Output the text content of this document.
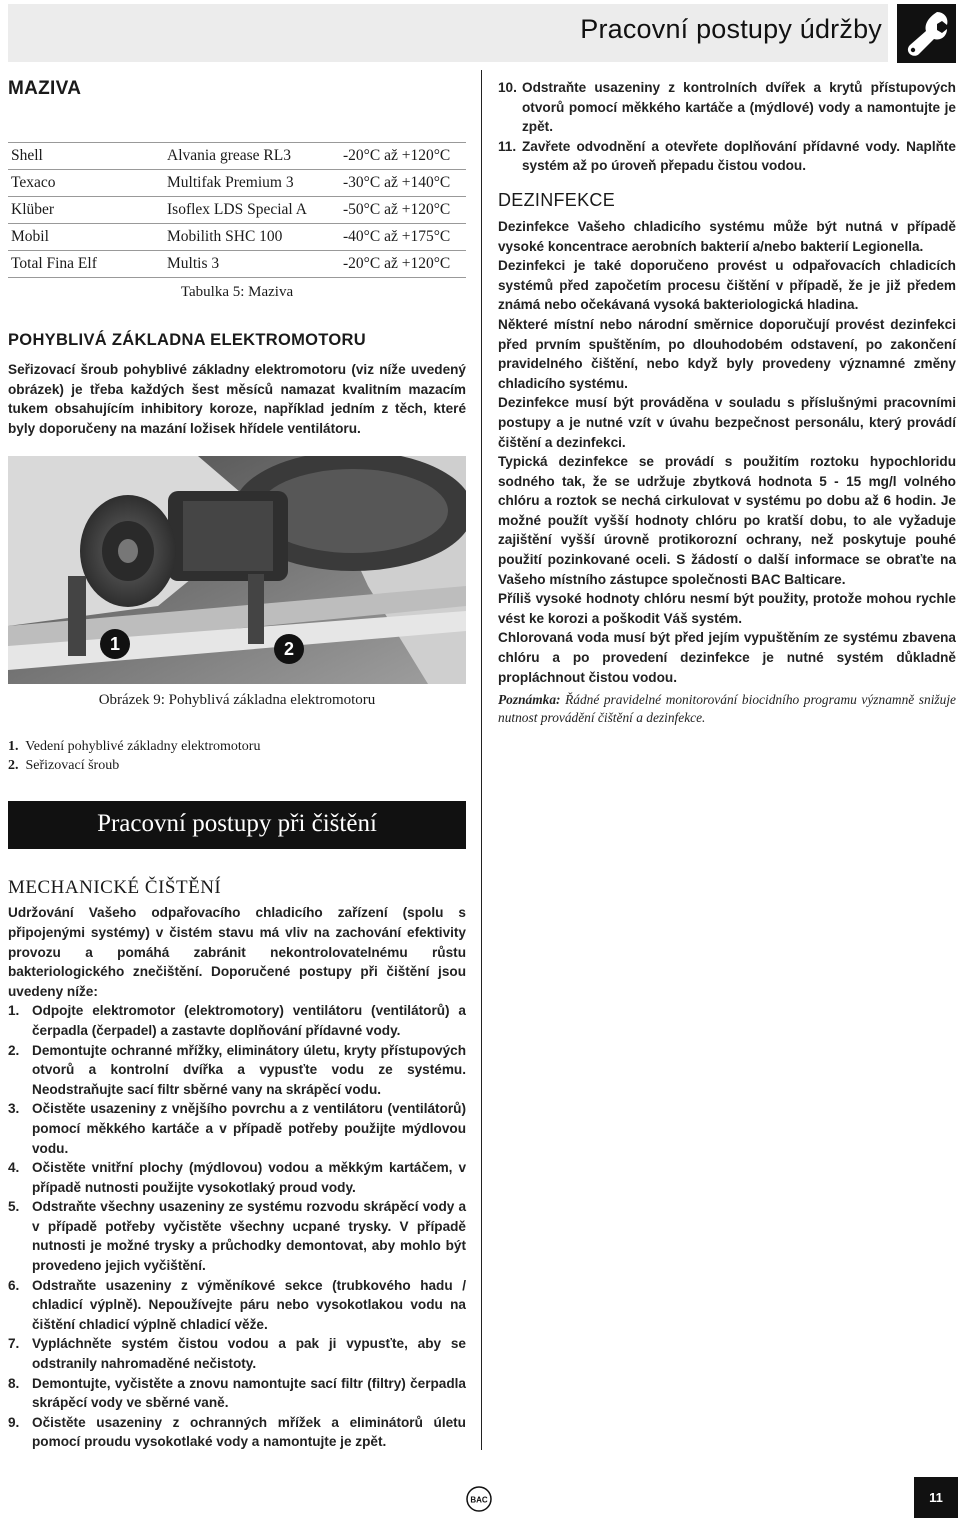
Pracovní postupy údržby
MAZIVA
Shell	Alvania grease RL3	-20°C až +120°C
Texaco	Multifak Premium 3	-30°C až +140°C
Klüber	Isoflex LDS Special A	-50°C až +120°C
Mobil	Mobilith SHC 100	-40°C až +175°C
Total Fina Elf	Multis 3	-20°C až +120°C
Tabulka 5: Maziva
POHYBLIVÁ ZÁKLADNA ELEKTROMOTORU

Seřizovací šroub pohyblivé základny elektromotoru (viz níže uvedený obrázek) je třeba každých šest měsíců namazat kvalitním mazacím tukem obsahujícím inhibitory koroze, například jedním z těch, které byly doporučeny na mazání ložisek hřídele ventilátoru.

1	2
Obrázek 9: Pohyblivá základna elektromotoru
1. Vedení pohyblivé základny elektromotoru
2. Seřizovací šroub
Pracovní postupy při čištění
MECHANICKÉ ČIŠTĚNÍ

Udržování Vašeho odpařovacího chladicího zařízení (spolu s připojenými systémy) v čistém stavu má vliv na zachování efektivity provozu a pomáhá zabránit nekontrolovatelnému růstu bakteriologického znečištění. Doporučené postupy při čištění jsou uvedeny níže:

1. Odpojte elektromotor (elektromotory) ventilátoru (ventilátorů) a čerpadla (čerpadel) a zastavte doplňování přídavné vody.
2. Demontujte ochranné mřížky, eliminátory úletu, kryty přístupových otvorů a kontrolní dvířka a vypusťte vodu ze systému. Neodstraňujte sací filtr sběrné vany na skrápěcí vodu.
3. Očistěte usazeniny z vnějšího povrchu a z ventilátoru (ventilátorů) pomocí měkkého kartáče a v případě potřeby použijte mýdlovou vodu.
4. Očistěte vnitřní plochy (mýdlovou) vodou a měkkým kartáčem, v případě nutnosti použijte vysokotlaký proud vody.
5. Odstraňte všechny usazeniny ze systému rozvodu skrápěcí vody a v případě potřeby vyčistěte všechny ucpané trysky. V případě nutnosti je možné trysky a průchodky demontovat, aby mohlo být provedeno jejich vyčištění.
6. Odstraňte usazeniny z výměníkové sekce (trubkového hadu / chladicí výplně). Nepoužívejte páru nebo vysokotlakou vodu na čištění chladicí výplně chladicí věže.
7. Vypláchněte systém čistou vodou a pak ji vypusťte, aby se odstranily nahromaděné nečistoty.
8. Demontujte, vyčistěte a znovu namontujte sací filtr (filtry) čerpadla skrápěcí vody ve sběrné vaně.
9. Očistěte usazeniny z ochranných mřížek a eliminátorů úletu pomocí proudu vysokotlaké vody a namontujte je zpět.
10. Odstraňte usazeniny z kontrolních dvířek a krytů přístupových otvorů pomocí měkkého kartáče a (mýdlové) vody a namontujte je zpět.
11. Zavřete odvodnění a otevřete doplňování přídavné vody. Naplňte systém až po úroveň přepadu čistou vodou.
DEZINFEKCE

Dezinfekce Vašeho chladicího systému může být nutná v případě vysoké koncentrace aerobních bakterií a/nebo bakterií Legionella.

Dezinfekci je také doporučeno provést u odpařovacích chladicích systémů před započetím procesu čištění v případě, že je již předem známá nebo očekávaná vysoká bakteriologická hladina.

Některé místní nebo národní směrnice doporučují provést dezinfekci před prvním spuštěním, po dlouhodobém odstavení, po zakončení pravidelného čištění, nebo když byly provedeny významné změny chladicího systému.

Dezinfekce musí být prováděna v souladu s příslušnými pracovními postupy a je nutné vzít v úvahu bezpečnost personálu, který provádí čištění a dezinfekci.

Typická dezinfekce se provádí s použitím roztoku hypochloridu sodného tak, že se udržuje zbytková hodnota 5 - 15 mg/l volného chlóru a roztok se nechá cirkulovat v systému po dobu až 6 hodin. Je možné použít vyšší hodnoty chlóru po kratší dobu, to ale vyžaduje zajištění vyšší úrovně protikorozní ochrany, než poskytuje pouhé použití pozinkované oceli. S žádostí o další informace se obraťte na Vašeho místního zástupce společnosti BAC Balticare.

Příliš vysoké hodnoty chlóru nesmí být použity, protože mohou rychle vést ke korozi a poškodit Váš systém.

Chlorovaná voda musí být před jejím vypuštěním ze systému zbavena chlóru a po provedení dezinfekce je nutné systém důkladně propláchnout čistou vodou.

Poznámka: Řádné pravidelné monitorování biocidního programu významně snižuje nutnost provádění čištění a dezinfekce.

BAC	11
